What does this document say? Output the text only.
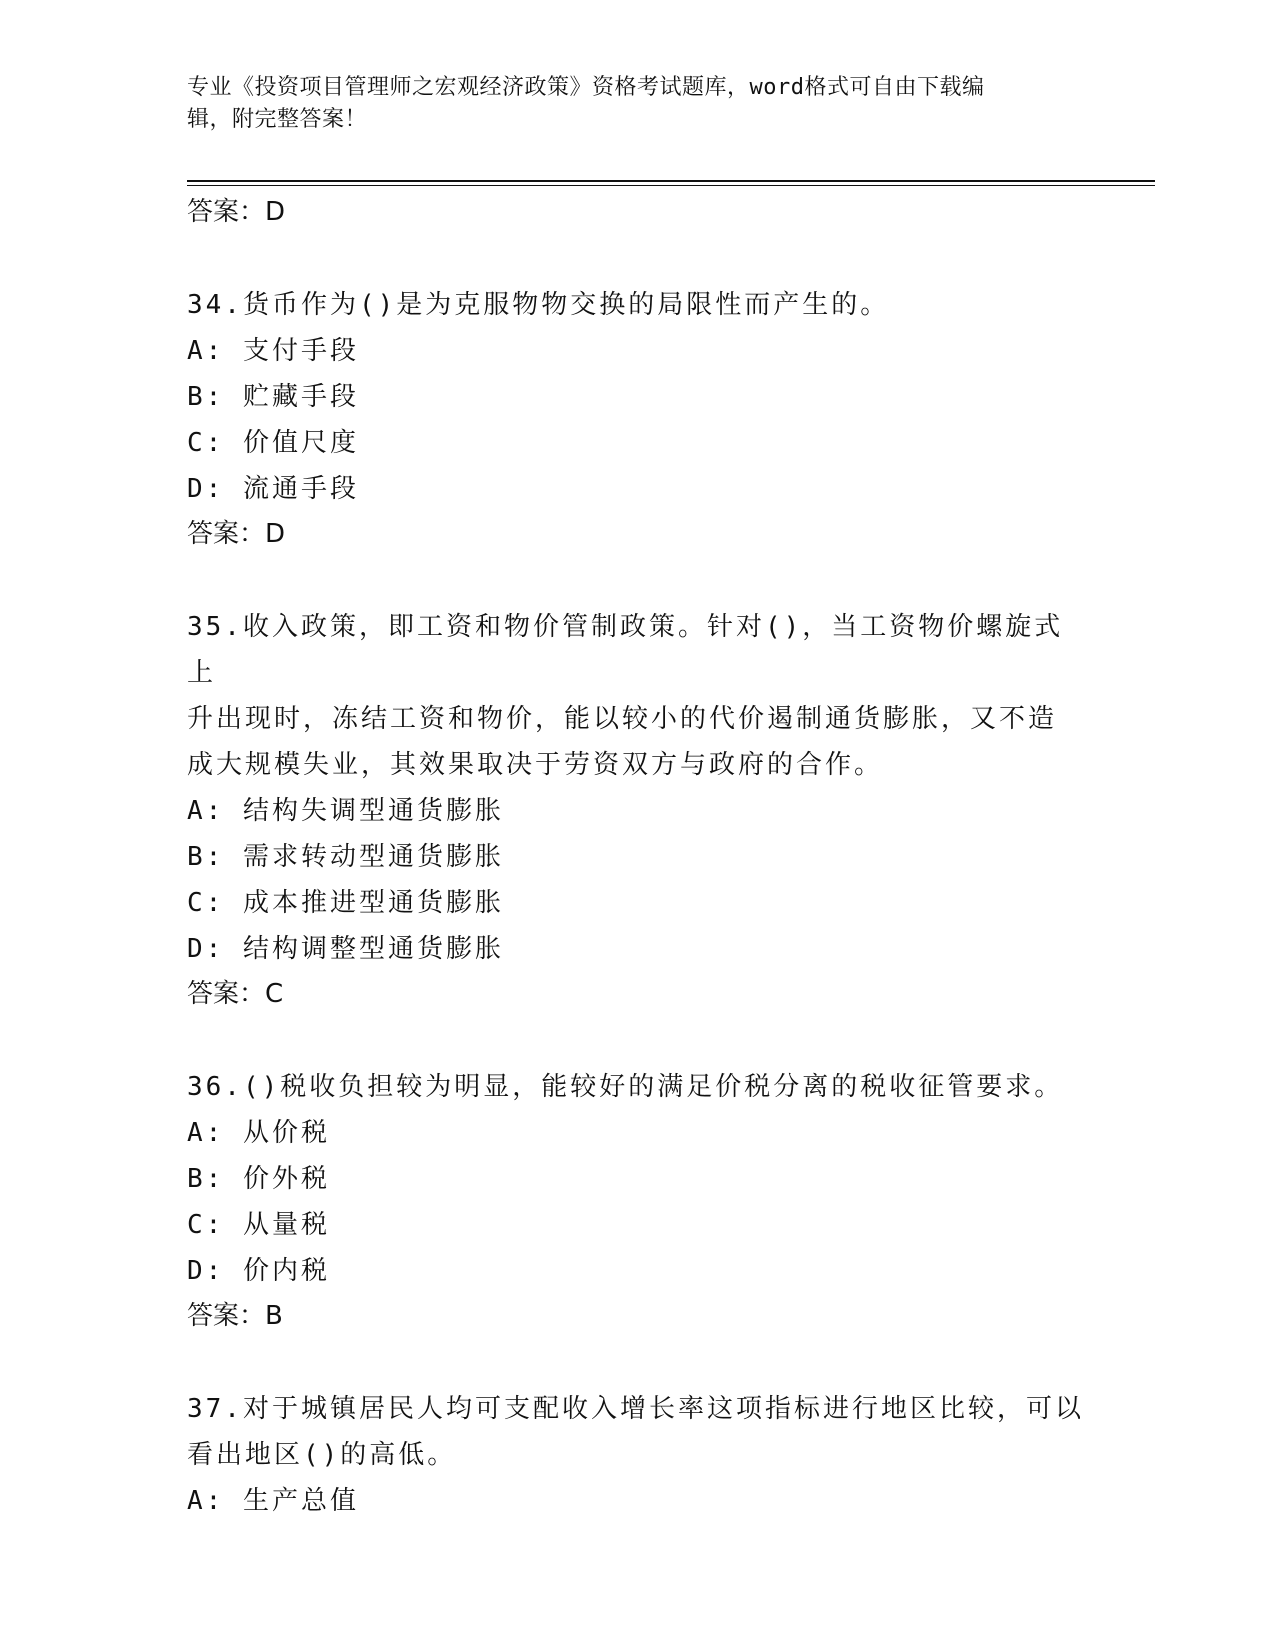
专业《投资项目管理师之宏观经济政策》资格考试题库，word格式可自由下载编
辑，附完整答案！
答案：D
34.货币作为()是为克服物物交换的局限性而产生的。
A: 支付手段
B: 贮藏手段
C: 价值尺度
D: 流通手段
答案：D
35.收入政策，即工资和物价管制政策。针对()，当工资物价螺旋式上
升出现时，冻结工资和物价，能以较小的代价遏制通货膨胀，又不造
成大规模失业，其效果取决于劳资双方与政府的合作。
A: 结构失调型通货膨胀
B: 需求转动型通货膨胀
C: 成本推进型通货膨胀
D: 结构调整型通货膨胀
答案：C
36.()税收负担较为明显，能较好的满足价税分离的税收征管要求。
A: 从价税
B: 价外税
C: 从量税
D: 价内税
答案：B
37.对于城镇居民人均可支配收入增长率这项指标进行地区比较，可以
看出地区()的高低。
A: 生产总值
